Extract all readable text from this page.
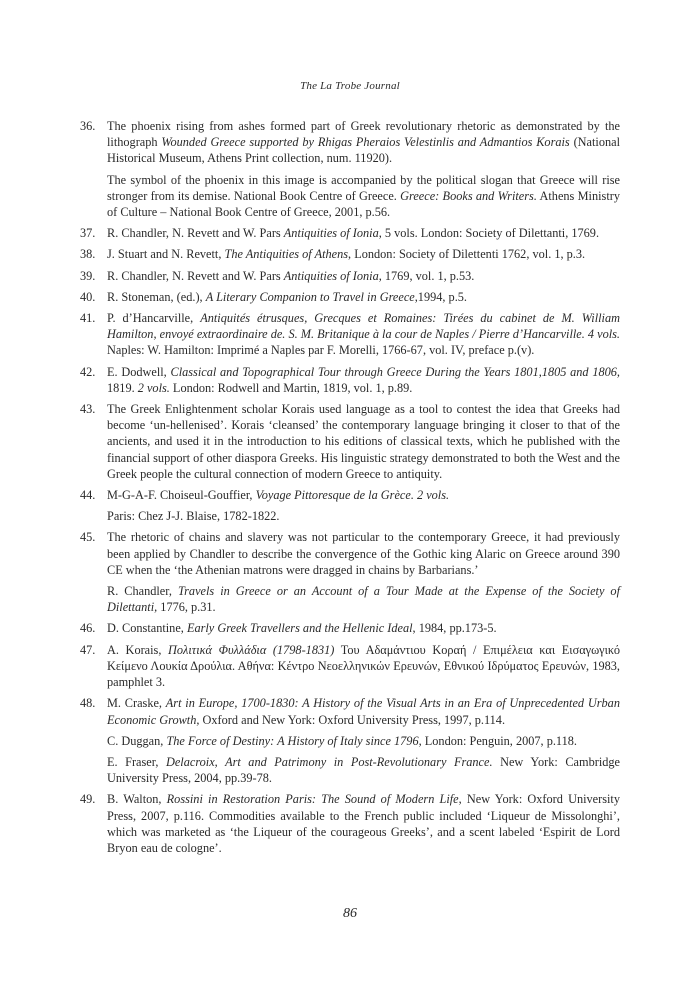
The La Trobe Journal
36. The phoenix rising from ashes formed part of Greek revolutionary rhetoric as demonstrated by the lithograph Wounded Greece supported by Rhigas Pheraios Velestinlis and Admantios Korais (National Historical Museum, Athens Print collection, num. 11920).

The symbol of the phoenix in this image is accompanied by the political slogan that Greece will rise stronger from its demise. National Book Centre of Greece. Greece: Books and Writers. Athens Ministry of Culture – National Book Centre of Greece, 2001, p.56.

37. R. Chandler, N. Revett and W. Pars Antiquities of Ionia, 5 vols. London: Society of Dilettanti, 1769.

38. J. Stuart and N. Revett, The Antiquities of Athens, London: Society of Dilettenti 1762, vol. 1, p.3.

39. R. Chandler, N. Revett and W. Pars Antiquities of Ionia, 1769, vol. 1, p.53.

40. R. Stoneman, (ed.), A Literary Companion to Travel in Greece,1994, p.5.

41. P. d’Hancarville, Antiquités étrusques, Grecques et Romaines: Tirées du cabinet de M. William Hamilton, envoyé extraordinaire de. S. M. Britanique à la cour de Naples / Pierre d’Hancarville. 4 vols. Naples: W. Hamilton: Imprimé a Naples par F. Morelli, 1766-67, vol. IV, preface p.(v).

42. E. Dodwell, Classical and Topographical Tour through Greece During the Years 1801,1805 and 1806, 1819. 2 vols. London: Rodwell and Martin, 1819, vol. 1, p.89.

43. The Greek Enlightenment scholar Korais used language as a tool to contest the idea that Greeks had become ‘un-hellenised’. Korais ‘cleansed’ the contemporary language bringing it closer to that of the ancients, and used it in the introduction to his editions of classical texts, which he published with the financial support of other diaspora Greeks. His linguistic strategy demonstrated to both the West and the Greek people the cultural connection of modern Greece to antiquity.

44. M-G-A-F. Choiseul-Gouffier, Voyage Pittoresque de la Grèce. 2 vols.

Paris: Chez J-J. Blaise, 1782-1822.

45. The rhetoric of chains and slavery was not particular to the contemporary Greece, it had previously been applied by Chandler to describe the convergence of the Gothic king Alaric on Greece around 390 CE when the ‘the Athenian matrons were dragged in chains by Barbarians.’

R. Chandler, Travels in Greece or an Account of a Tour Made at the Expense of the Society of Dilettanti, 1776, p.31.

46. D. Constantine, Early Greek Travellers and the Hellenic Ideal, 1984, pp.173-5.

47. A. Korais, Πολιτικά Φυλλάδια (1798-1831) Του Αδαμάντιου Κοραή / Επιμέλεια και Εισαγωγικό Κείμενο Λουκία Δρούλια. Αθήνα: Κέντρο Νεοελληνικών Ερευνών, Εθνικού Ιδρύματος Ερευνών, 1983, pamphlet 3.

48. M. Craske, Art in Europe, 1700-1830: A History of the Visual Arts in an Era of Unprecedented Urban Economic Growth, Oxford and New York: Oxford University Press, 1997, p.114.

C. Duggan, The Force of Destiny: A History of Italy since 1796, London: Penguin, 2007, p.118.

E. Fraser, Delacroix, Art and Patrimony in Post-Revolutionary France. New York: Cambridge University Press, 2004, pp.39-78.

49. B. Walton, Rossini in Restoration Paris: The Sound of Modern Life, New York: Oxford University Press, 2007, p.116. Commodities available to the French public included ‘Liqueur de Missolonghi’, which was marketed as ‘the Liqueur of the courageous Greeks’, and a scent labeled ‘Espirit de Lord Bryon eau de cologne’.

86
